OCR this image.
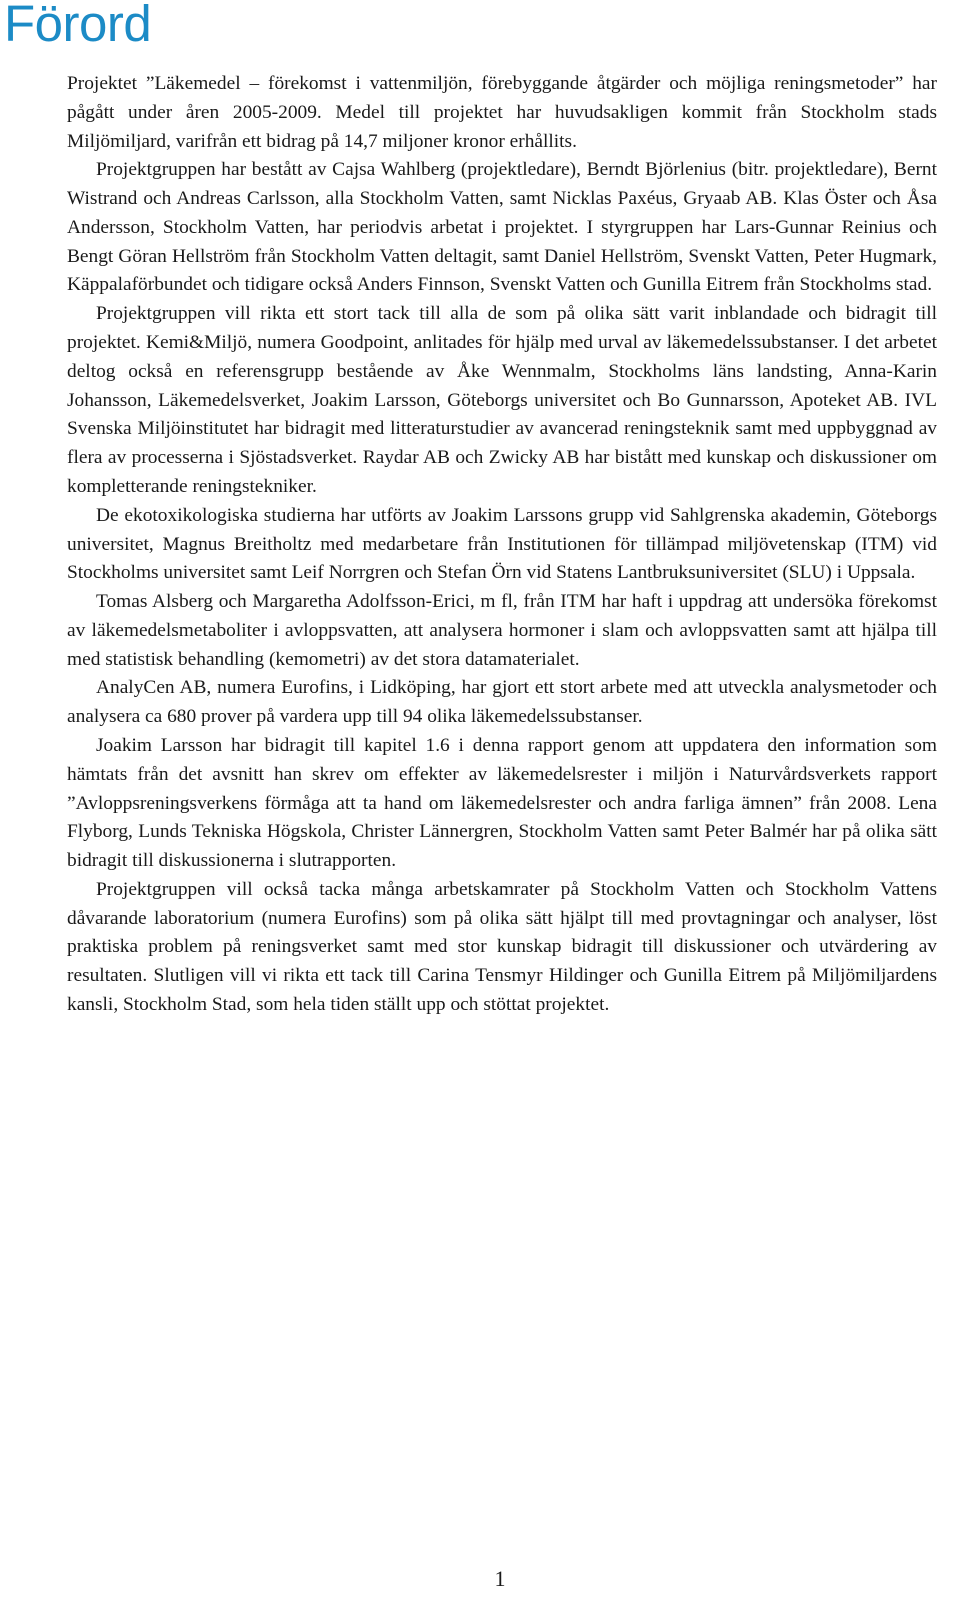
Förord

Projektet ”Läkemedel – förekomst i vattenmiljön, förebyggande åtgärder och möjliga reningsmetoder” har pågått under åren 2005-2009. Medel till projektet har huvudsakligen kommit från Stockholm stads Miljömiljard, varifrån ett bidrag på 14,7 miljoner kronor erhållits.

Projektgruppen har bestått av Cajsa Wahlberg (projektledare), Berndt Björlenius (bitr. projektledare), Bernt Wistrand och Andreas Carlsson, alla Stockholm Vatten, samt Nicklas Paxéus, Gryaab AB. Klas Öster och Åsa Andersson, Stockholm Vatten, har periodvis arbetat i projektet. I styrgruppen har Lars-Gunnar Reinius och Bengt Göran Hellström från Stockholm Vatten deltagit, samt Daniel Hellström, Svenskt Vatten, Peter Hugmark, Käppalaförbundet och tidigare också Anders Finnson, Svenskt Vatten och Gunilla Eitrem från Stockholms stad.

Projektgruppen vill rikta ett stort tack till alla de som på olika sätt varit inblandade och bidragit till projektet. Kemi&Miljö, numera Goodpoint, anlitades för hjälp med urval av läkemedelssubstanser. I det arbetet deltog också en referensgrupp bestående av Åke Wennmalm, Stockholms läns landsting, Anna-Karin Johansson, Läkemedelsverket, Joakim Larsson, Göteborgs universitet och Bo Gunnarsson, Apoteket AB. IVL Svenska Miljöinstitutet har bidragit med litteraturstudier av avancerad reningsteknik samt med uppbyggnad av flera av processerna i Sjöstadsverket. Raydar AB och Zwicky AB har bistått med kunskap och diskussioner om kompletterande reningstekniker.

De ekotoxikologiska studierna har utförts av Joakim Larssons grupp vid Sahlgrenska akademin, Göteborgs universitet, Magnus Breitholtz med medarbetare från Institutionen för tillämpad miljövetenskap (ITM) vid Stockholms universitet samt Leif Norrgren och Stefan Örn vid Statens Lantbruksuniversitet (SLU) i Uppsala.

Tomas Alsberg och Margaretha Adolfsson-Erici, m fl, från ITM har haft i uppdrag att undersöka förekomst av läkemedelsmetaboliter i avloppsvatten, att analysera hormoner i slam och avloppsvatten samt att hjälpa till med statistisk behandling (kemometri) av det stora datamaterialet.

AnalyCen AB, numera Eurofins, i Lidköping, har gjort ett stort arbete med att utveckla analysmetoder och analysera ca 680 prover på vardera upp till 94 olika läkemedelssubstanser.

Joakim Larsson har bidragit till kapitel 1.6 i denna rapport genom att uppdatera den information som hämtats från det avsnitt han skrev om effekter av läkemedelsrester i miljön i Naturvårdsverkets rapport ”Avloppsreningsverkens förmåga att ta hand om läkemedelsrester och andra farliga ämnen” från 2008. Lena Flyborg, Lunds Tekniska Högskola, Christer Lännergren, Stockholm Vatten samt Peter Balmér har på olika sätt bidragit till diskussionerna i slutrapporten.

Projektgruppen vill också tacka många arbetskamrater på Stockholm Vatten och Stockholm Vattens dåvarande laboratorium (numera Eurofins) som på olika sätt hjälpt till med provtagningar och analyser, löst praktiska problem på reningsverket samt med stor kunskap bidragit till diskussioner och utvärdering av resultaten. Slutligen vill vi rikta ett tack till Carina Tensmyr Hildinger och Gunilla Eitrem på Miljömiljardens kansli, Stockholm Stad, som hela tiden ställt upp och stöttat projektet.

1
